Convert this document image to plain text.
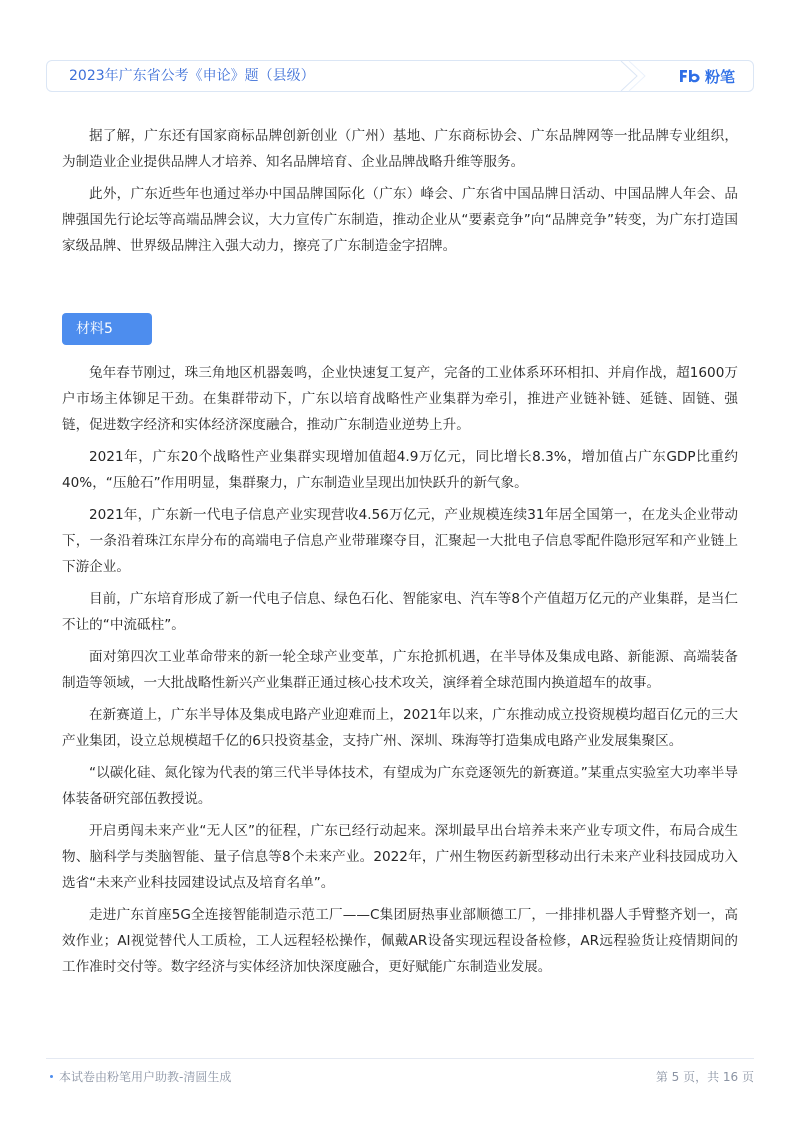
2023年广东省公考《申论》题（县级）	粉笔

据了解，广东还有国家商标品牌创新创业（广州）基地、广东商标协会、广东品牌网等一批品牌专业组织，为制造业企业提供品牌人才培养、知名品牌培育、企业品牌战略升维等服务。

此外，广东近些年也通过举办中国品牌国际化（广东）峰会、广东省中国品牌日活动、中国品牌人年会、品牌强国先行论坛等高端品牌会议，大力宣传广东制造，推动企业从“要素竞争”向“品牌竞争”转变，为广东打造国家级品牌、世界级品牌注入强大动力，擦亮了广东制造金字招牌。

材料5

兔年春节刚过，珠三角地区机器轰鸣，企业快速复工复产，完备的工业体系环环相扣、并肩作战，超1600万户市场主体铆足干劲。在集群带动下，广东以培育战略性产业集群为牵引，推进产业链补链、延链、固链、强链，促进数字经济和实体经济深度融合，推动广东制造业逆势上升。

2021年，广东20个战略性产业集群实现增加值超4.9万亿元，同比增长8.3%，增加值占广东GDP比重约40%，“压舱石”作用明显，集群聚力，广东制造业呈现出加快跃升的新气象。

2021年，广东新一代电子信息产业实现营收4.56万亿元，产业规模连续31年居全国第一，在龙头企业带动下，一条沿着珠江东岸分布的高端电子信息产业带璀璨夺目，汇聚起一大批电子信息零配件隐形冠军和产业链上下游企业。

目前，广东培育形成了新一代电子信息、绿色石化、智能家电、汽车等8个产值超万亿元的产业集群，是当仁不让的“中流砥柱”。

面对第四次工业革命带来的新一轮全球产业变革，广东抢抓机遇，在半导体及集成电路、新能源、高端装备制造等领域，一大批战略性新兴产业集群正通过核心技术攻关，演绎着全球范围内换道超车的故事。

在新赛道上，广东半导体及集成电路产业迎难而上，2021年以来，广东推动成立投资规模均超百亿元的三大产业集团，设立总规模超千亿的6只投资基金，支持广州、深圳、珠海等打造集成电路产业发展集聚区。

“以碳化硅、氮化镓为代表的第三代半导体技术，有望成为广东竞逐领先的新赛道。”某重点实验室大功率半导体装备研究部伍教授说。

开启勇闯未来产业“无人区”的征程，广东已经行动起来。深圳最早出台培养未来产业专项文件，布局合成生物、脑科学与类脑智能、量子信息等8个未来产业。2022年，广州生物医药新型移动出行未来产业科技园成功入选省“未来产业科技园建设试点及培育名单”。

走进广东首座5G全连接智能制造示范工厂——C集团厨热事业部顺德工厂，一排排机器人手臂整齐划一，高效作业；AI视觉替代人工质检，工人远程轻松操作，佩戴AR设备实现远程设备检修，AR远程验货让疫情期间的工作准时交付等。数字经济与实体经济加快深度融合，更好赋能广东制造业发展。

本试卷由粉笔用户助教-清圆生成	第 5 页，共 16 页
